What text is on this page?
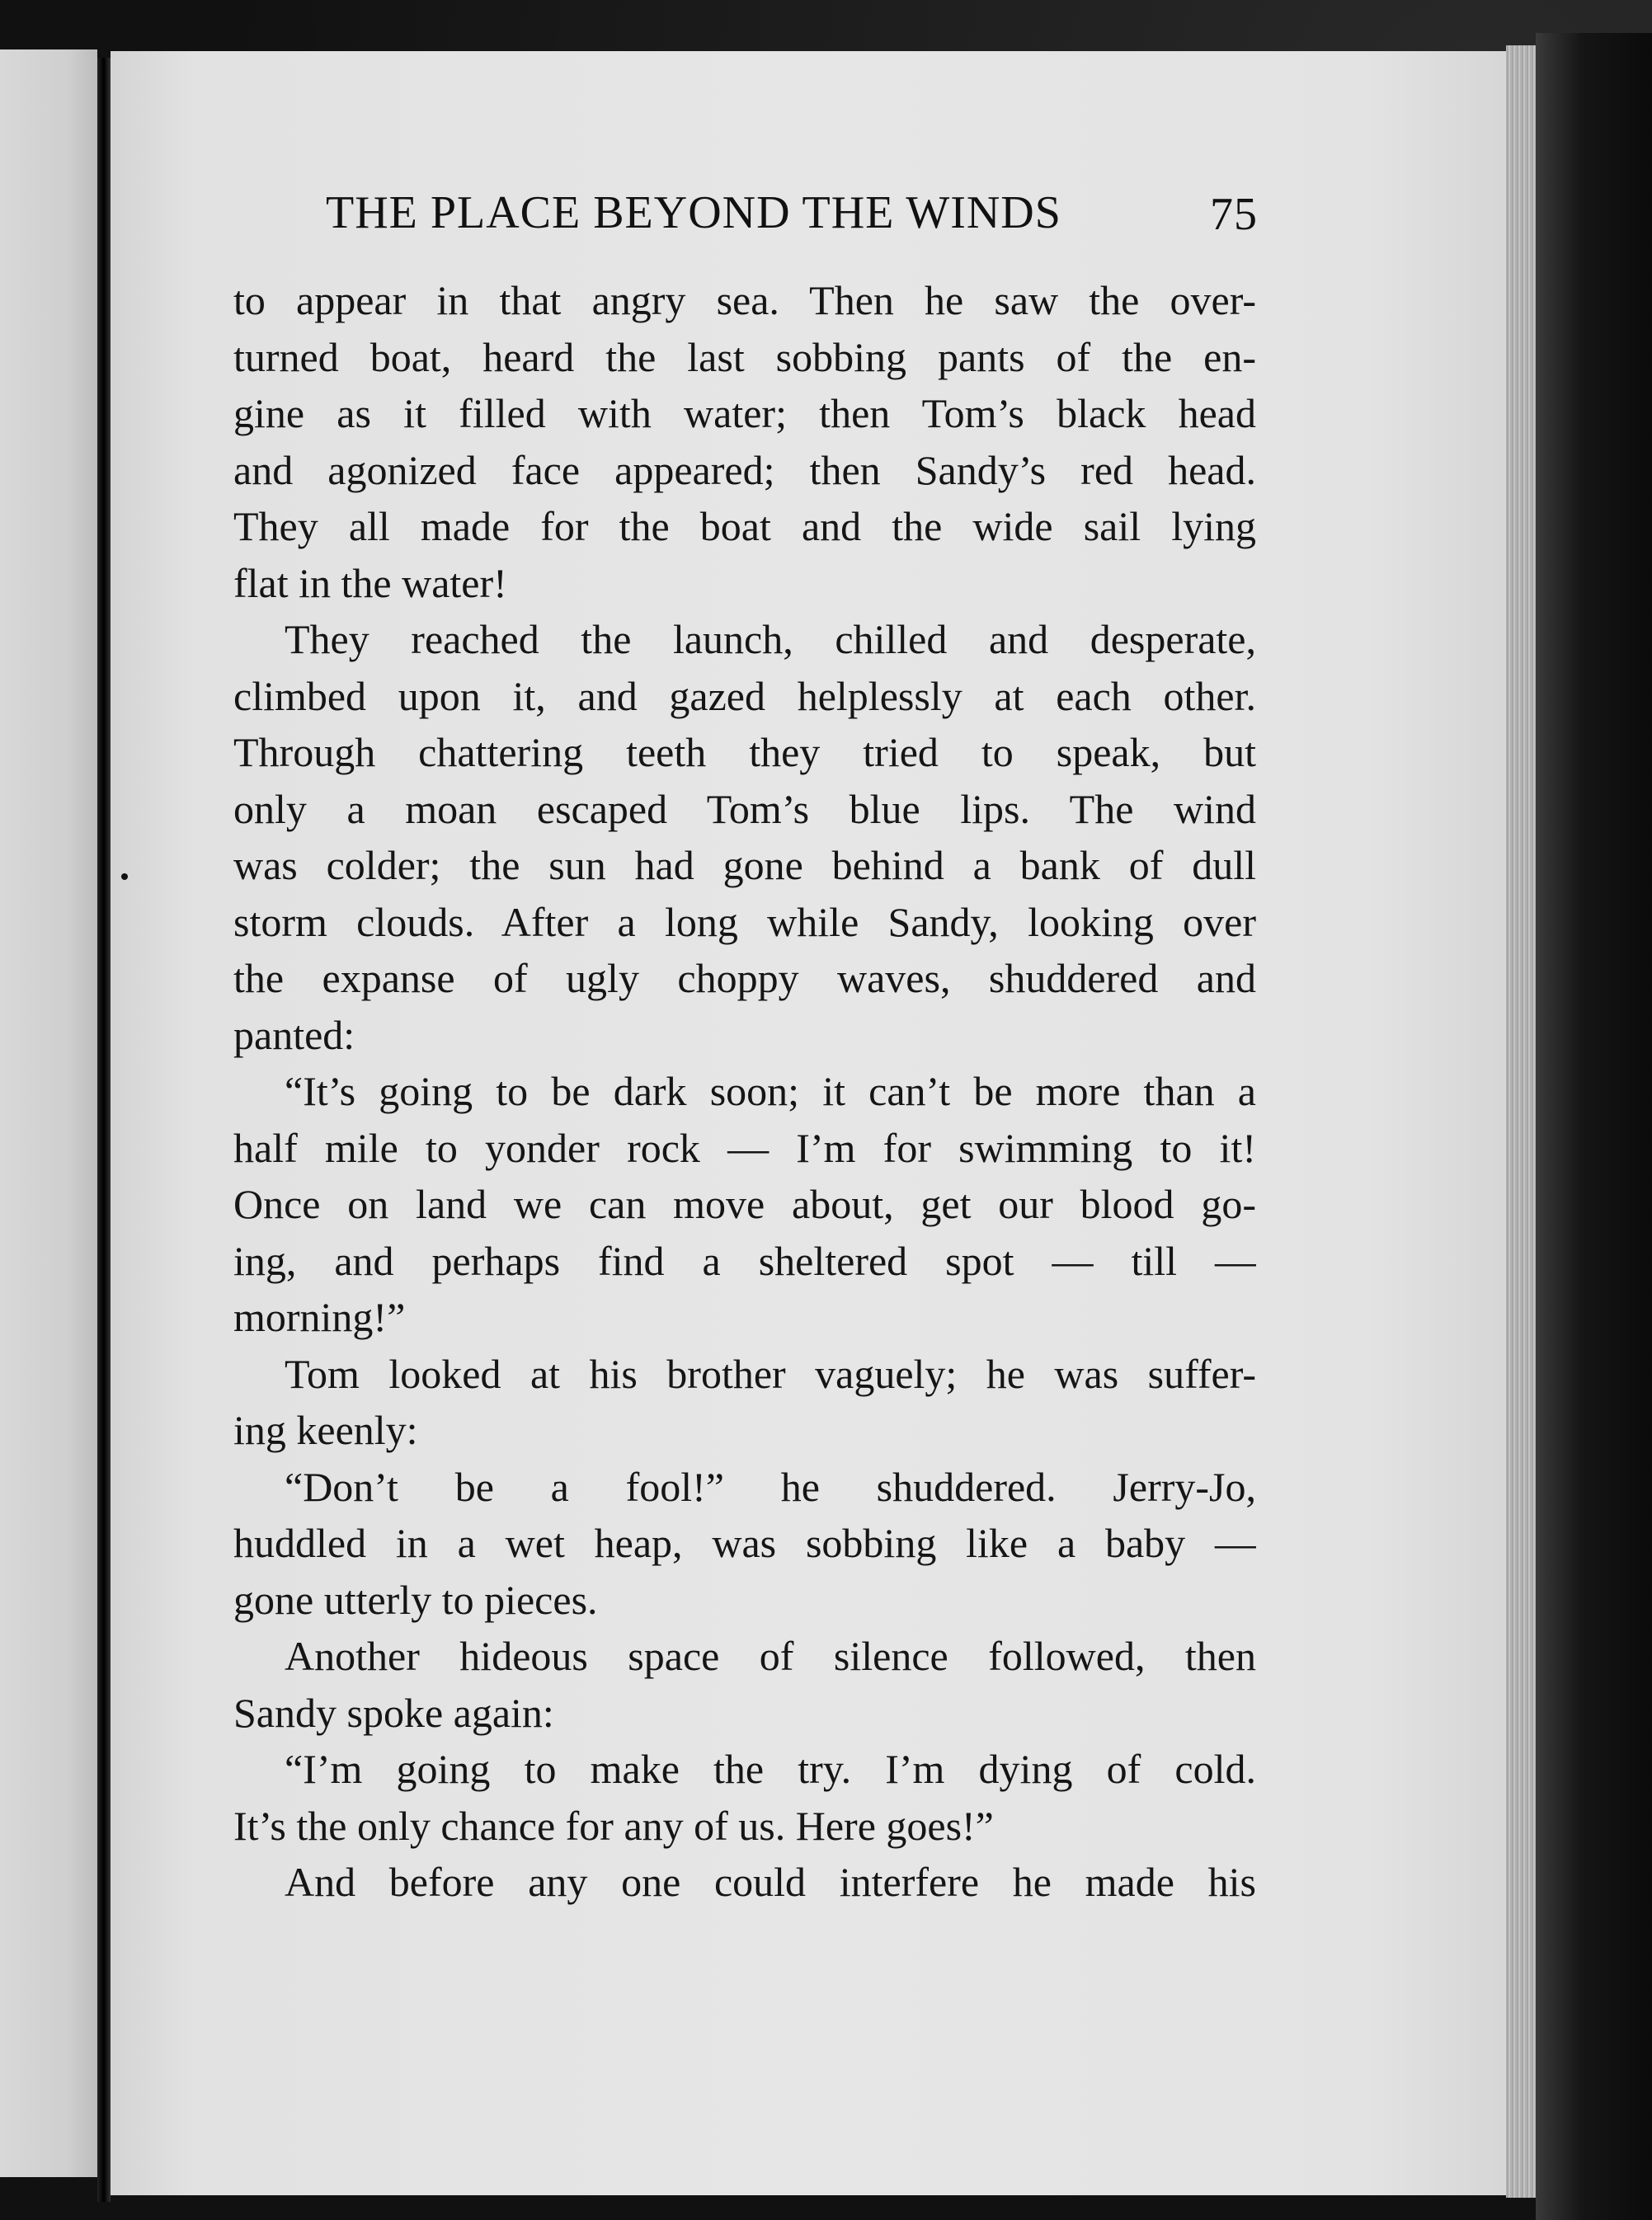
THE PLACE BEYOND THE WINDS	75
to appear in that angry sea. Then he saw the over-
turned boat, heard the last sobbing pants of the en-
gine as it filled with water; then Tom’s black head
and agonized face appeared; then Sandy’s red head.
They all made for the boat and the wide sail lying
flat in the water!
They reached the launch, chilled and desperate,
climbed upon it, and gazed helplessly at each other.
Through chattering teeth they tried to speak, but
only a moan escaped Tom’s blue lips. The wind
was colder; the sun had gone behind a bank of dull
storm clouds. After a long while Sandy, looking over
the expanse of ugly choppy waves, shuddered and
panted:
“It’s going to be dark soon; it can’t be more than a
half mile to yonder rock — I’m for swimming to it!
Once on land we can move about, get our blood go-
ing, and perhaps find a sheltered spot — till —
morning!”
Tom looked at his brother vaguely; he was suffer-
ing keenly:
“Don’t be a fool!” he shuddered. Jerry-Jo,
huddled in a wet heap, was sobbing like a baby —
gone utterly to pieces.
Another hideous space of silence followed, then
Sandy spoke again:
“I’m going to make the try. I’m dying of cold.
It’s the only chance for any of us. Here goes!”
And before any one could interfere he made his
